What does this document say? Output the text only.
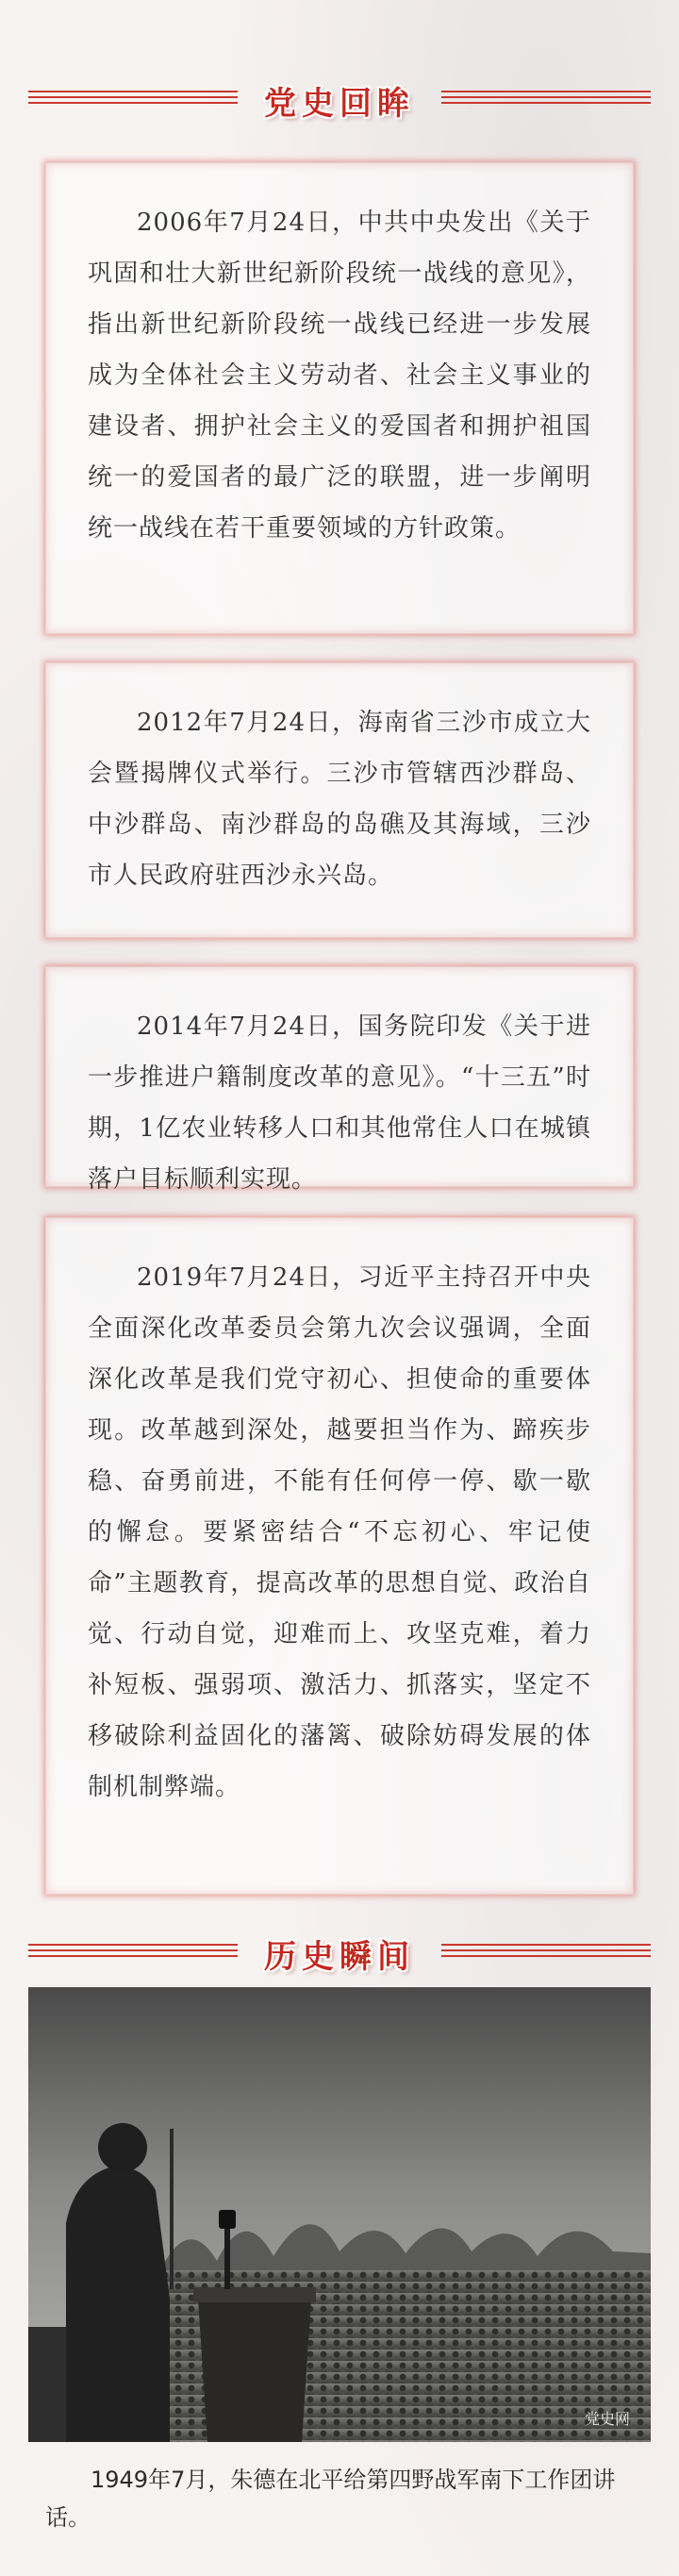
党史回眸

2006年7月24日，中共中央发出《关于巩固和壮大新世纪新阶段统一战线的意见》，指出新世纪新阶段统一战线已经进一步发展成为全体社会主义劳动者、社会主义事业的建设者、拥护社会主义的爱国者和拥护祖国统一的爱国者的最广泛的联盟，进一步阐明统一战线在若干重要领域的方针政策。

2012年7月24日，海南省三沙市成立大会暨揭牌仪式举行。三沙市管辖西沙群岛、中沙群岛、南沙群岛的岛礁及其海域，三沙市人民政府驻西沙永兴岛。

2014年7月24日，国务院印发《关于进一步推进户籍制度改革的意见》。“十三五”时期，1亿农业转移人口和其他常住人口在城镇落户目标顺利实现。

2019年7月24日，习近平主持召开中央全面深化改革委员会第九次会议强调，全面深化改革是我们党守初心、担使命的重要体现。改革越到深处，越要担当作为、蹄疾步稳、奋勇前进，不能有任何停一停、歇一歇的懈怠。要紧密结合“不忘初心、牢记使命”主题教育，提高改革的思想自觉、政治自觉、行动自觉，迎难而上、攻坚克难，着力补短板、强弱项、激活力、抓落实，坚定不移破除利益固化的藩篱、破除妨碍发展的体制机制弊端。

历史瞬间
党史网
1949年7月，朱德在北平给第四野战军南下工作团讲话。
